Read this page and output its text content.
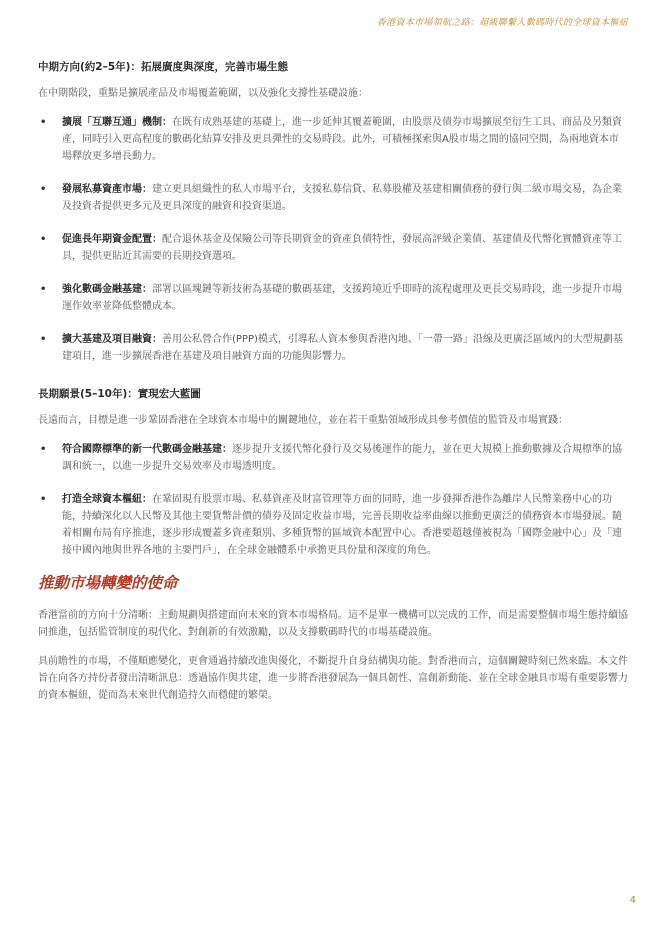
香港資本市場領航之路：超級聯繫人數碼時代的全球資本樞紐
中期方向(約2–5年)：拓展廣度與深度，完善市場生態

在中期階段，重點是擴展產品及市場覆蓋範圍，以及強化支撐性基礎設施：

• 擴展「互聯互通」機制：在既有成熟基建的基礎上，進一步延伸其覆蓋範圍，由股票及債券市場擴展至衍生工具、商品及另類資產，同時引入更高程度的數碼化結算安排及更具彈性的交易時段。此外，可積極探索與A股市場之間的協同空間，為兩地資本市場釋放更多增長動力。
• 發展私募資產市場：建立更具組織性的私人市場平台，支援私募信貸、私募股權及基建相關債務的發行與二級市場交易，為企業及投資者提供更多元及更具深度的融資和投資渠道。
• 促進長年期資金配置：配合退休基金及保險公司等長期資金的資產負債特性，發展高評級企業債、基建債及代幣化實體資產等工具，提供更貼近其需要的長期投資選項。
• 強化數碼金融基建：部署以區塊鏈等新技術為基礎的數碼基建，支援跨境近乎即時的流程處理及更長交易時段，進一步提升市場運作效率並降低整體成本。
• 擴大基建及項目融資：善用公私營合作(PPP)模式，引導私人資本參與香港內地、「一帶一路」沿線及更廣泛區域內的大型規劃基建項目，進一步擴展香港在基建及項目融資方面的功能與影響力。
長期願景(5–10年)：實現宏大藍圖

長遠而言，目標是進一步鞏固香港在全球資本市場中的關鍵地位，並在若干重點領域形成具參考價值的監管及市場實踐：

• 符合國際標準的新一代數碼金融基建：逐步提升支援代幣化發行及交易後運作的能力，並在更大規模上推動數據及合規標準的協調和統一，以進一步提升交易效率及市場透明度。
• 打造全球資本樞紐：在鞏固現有股票市場、私募資產及財富管理等方面的同時，進一步發揮香港作為離岸人民幣業務中心的功能，持續深化以人民幣及其他主要貨幣計價的債券及固定收益市場，完善長期收益率曲線以推動更廣泛的債務資本市場發展。隨着相關布局有序推進，逐步形成覆蓋多資產類別、多種貨幣的區域資本配置中心。香港要超越僅被視為「國際金融中心」及「連接中國內地與世界各地的主要門戶」，在全球金融體系中承擔更具份量和深度的角色。
推動市場轉變的使命

香港當前的方向十分清晰：主動規劃與搭建面向未來的資本市場格局。這不是單一機構可以完成的工作，而是需要整個市場生態持續協同推進，包括監管制度的現代化、對創新的有效激勵，以及支撐數碼時代的市場基礎設施。

具前瞻性的市場，不僅順應變化，更會通過持續改進與優化，不斷提升自身結構與功能。對香港而言，這個關鍵時刻已然來臨。本文件旨在向各方持份者發出清晰訊息：透過協作與共建，進一步將香港發展為一個具韌性、富創新動能、並在全球金融具市場有重要影響力的資本樞紐，從而為未來世代創造持久而穩健的繁榮。

4
